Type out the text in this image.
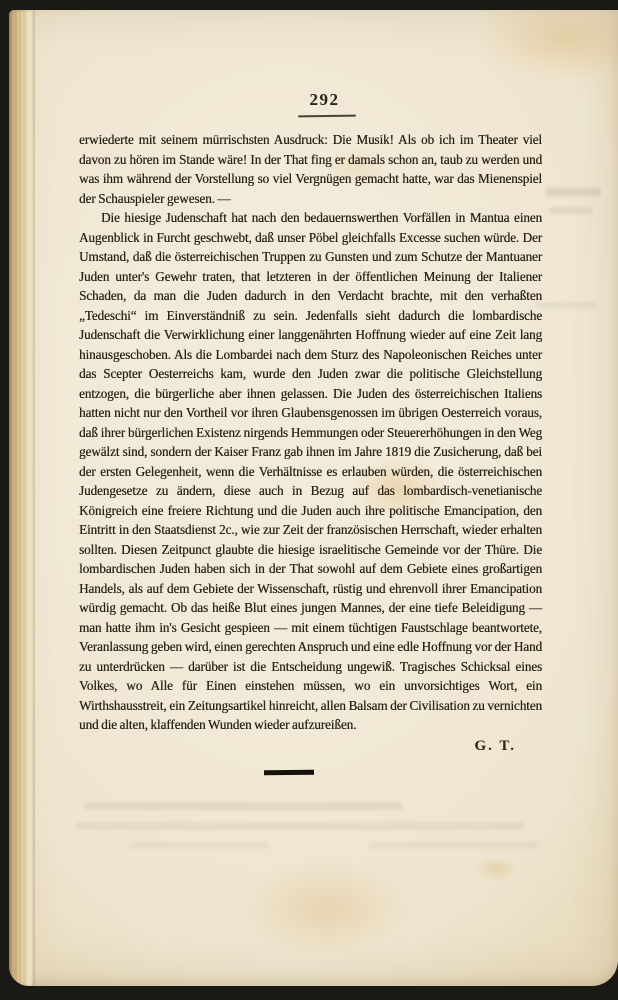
292

erwiederte mit seinem mürrischsten Ausdruck: Die Musik! Als ob ich im Theater viel davon zu hören im Stande wäre! In der That fing er damals schon an, taub zu werden und was ihm während der Vorstellung so viel Vergnügen gemacht hatte, war das Mienenspiel der Schauspieler gewesen. —

Die hiesige Judenschaft hat nach den bedauernswerthen Vorfällen in Mantua einen Augenblick in Furcht geschwebt, daß unser Pöbel gleichfalls Excesse suchen würde. Der Umstand, daß die österreichischen Truppen zu Gunsten und zum Schutze der Mantuaner Juden unter's Gewehr traten, that letzteren in der öffentlichen Meinung der Italiener Schaden, da man die Juden dadurch in den Verdacht brachte, mit den verhaßten „Tedeschi“ im Einverständniß zu sein. Jedenfalls sieht dadurch die lombardische Judenschaft die Verwirklichung einer langgenährten Hoffnung wieder auf eine Zeit lang hinausgeschoben. Als die Lombardei nach dem Sturz des Napoleonischen Reiches unter das Scepter Oesterreichs kam, wurde den Juden zwar die politische Gleichstellung entzogen, die bürgerliche aber ihnen gelassen. Die Juden des österreichischen Italiens hatten nicht nur den Vortheil vor ihren Glaubensgenossen im übrigen Oesterreich voraus, daß ihrer bürgerlichen Existenz nirgends Hemmungen oder Steuererhöhungen in den Weg gewälzt sind, sondern der Kaiser Franz gab ihnen im Jahre 1819 die Zusicherung, daß bei der ersten Gelegenheit, wenn die Verhältnisse es erlauben würden, die österreichischen Judengesetze zu ändern, diese auch in Bezug auf das lombardisch-venetianische Königreich eine freiere Richtung und die Juden auch ihre politische Emancipation, den Eintritt in den Staatsdienst 2c., wie zur Zeit der französischen Herrschaft, wieder erhalten sollten. Diesen Zeitpunct glaubte die hiesige israelitische Gemeinde vor der Thüre. Die lombardischen Juden haben sich in der That sowohl auf dem Gebiete eines großartigen Handels, als auf dem Gebiete der Wissenschaft, rüstig und ehrenvoll ihrer Emancipation würdig gemacht. Ob das heiße Blut eines jungen Mannes, der eine tiefe Beleidigung — man hatte ihm in's Gesicht gespieen — mit einem tüchtigen Faustschlage beantwortete, Veranlassung geben wird, einen gerechten Anspruch und eine edle Hoffnung vor der Hand zu unterdrücken — darüber ist die Entscheidung ungewiß. Tragisches Schicksal eines Volkes, wo Alle für Einen einstehen müssen, wo ein unvorsichtiges Wort, ein Wirthshausstreit, ein Zeitungsartikel hinreicht, allen Balsam der Civilisation zu vernichten und die alten, klaffenden Wunden wieder aufzureißen.

G. T.
